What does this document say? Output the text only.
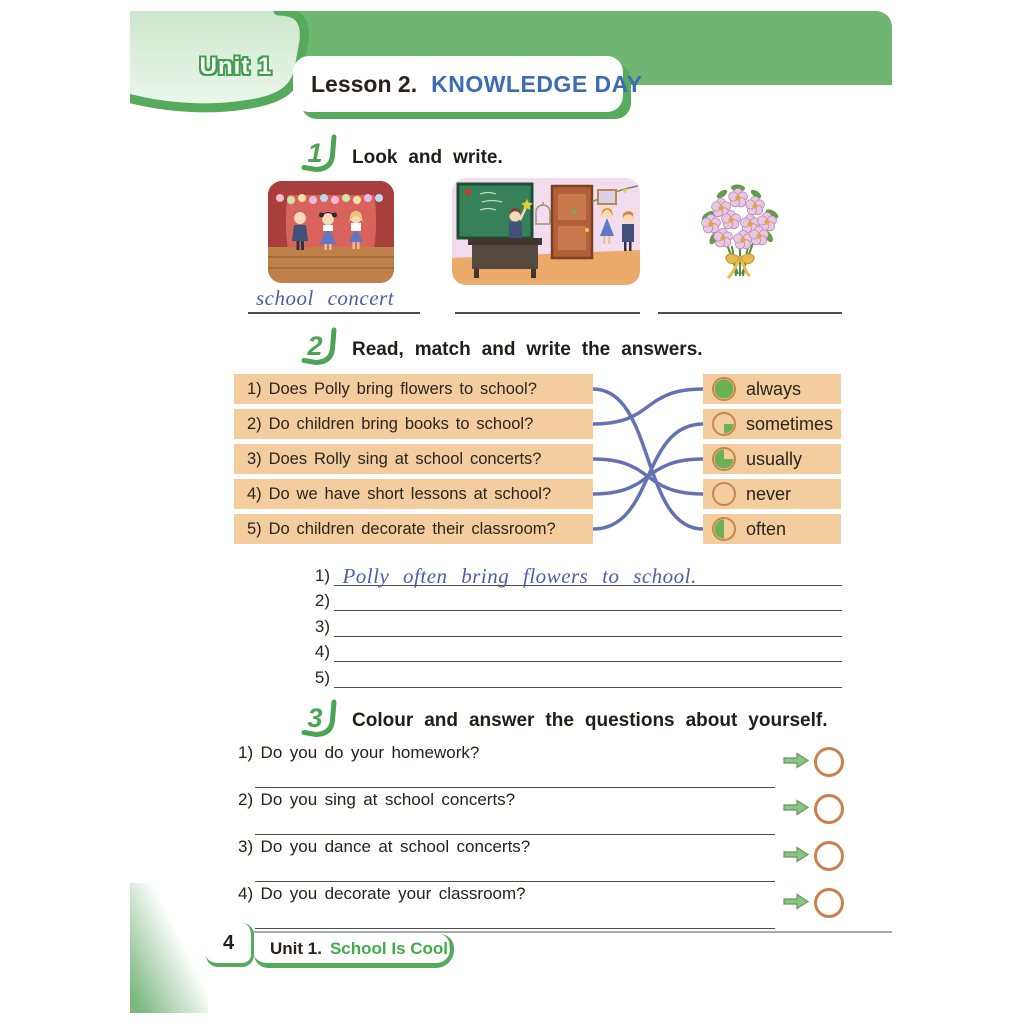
Unit 1
Lesson 2. KNOWLEDGE DAY
1 Look and write.
school concert
2 Read, match and write the answers.
1) Does Polly bring flowers to school?
2) Do children bring books to school?
3) Does Rolly sing at school concerts?
4) Do we have short lessons at school?
5) Do children decorate their classroom?
always
sometimes
usually
never
often
1) Polly often bring flowers to school.
2)
3)
4)
5)
3 Colour and answer the questions about yourself.
1) Do you do your homework?
2) Do you sing at school concerts?
3) Do you dance at school concerts?
4) Do you decorate your classroom?
4 Unit 1. School Is Cool!
